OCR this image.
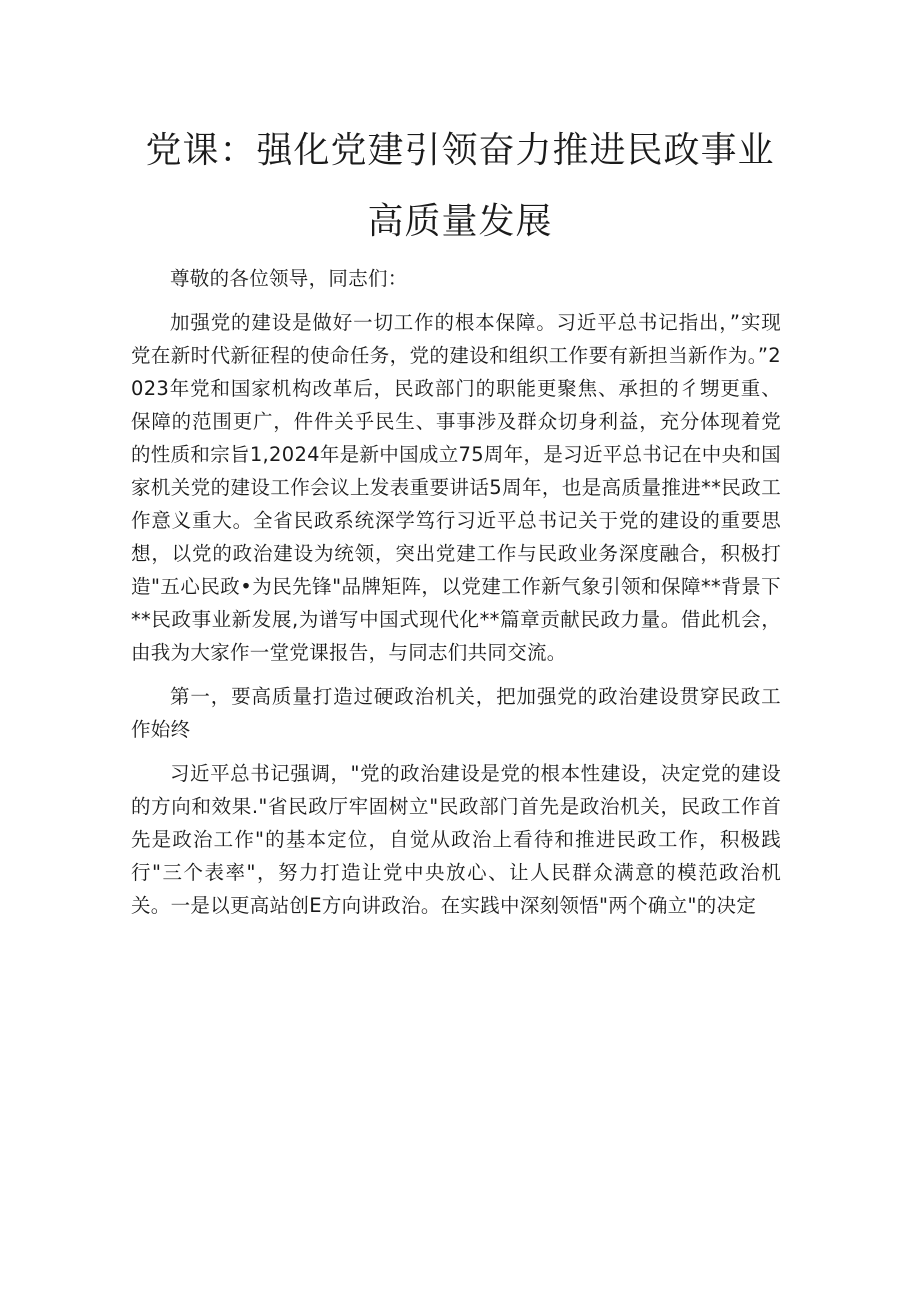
党课：强化党建引领奋力推进民政事业
高质量发展

尊敬的各位领导，同志们：

加强党的建设是做好一切工作的根本保障。习近平总书记指出，”实现党在新时代新征程的使命任务，党的建设和组织工作要有新担当新作为。”2023年党和国家机构改革后，民政部门的职能更聚焦、承担的彳甥更重、保障的范围更广，件件关乎民生、事事涉及群众切身利益，充分体现着党的性质和宗旨1,2024年是新中国成立75周年，是习近平总书记在中央和国家机关党的建设工作会议上发表重要讲话5周年，也是高质量推进**民政工作意义重大。全省民政系统深学笃行习近平总书记关于党的建设的重要思想，以党的政治建设为统领，突出党建工作与民政业务深度融合，积极打造"五心民政•为民先锋"品牌矩阵，以党建工作新气象引领和保障**背景下**民政事业新发展,为谱写中国式现代化**篇章贡献民政力量。借此机会，由我为大家作一堂党课报告，与同志们共同交流。

第一，要高质量打造过硬政治机关，把加强党的政治建设贯穿民政工作始终

习近平总书记强调，"党的政治建设是党的根本性建设，决定党的建设的方向和效果."省民政厅牢固树立"民政部门首先是政治机关，民政工作首先是政治工作"的基本定位，自觉从政治上看待和推进民政工作，积极践行"三个表率"，努力打造让党中央放心、让人民群众满意的模范政治机关。一是以更高站创E方向讲政治。在实践中深刻领悟"两个确立"的决定
